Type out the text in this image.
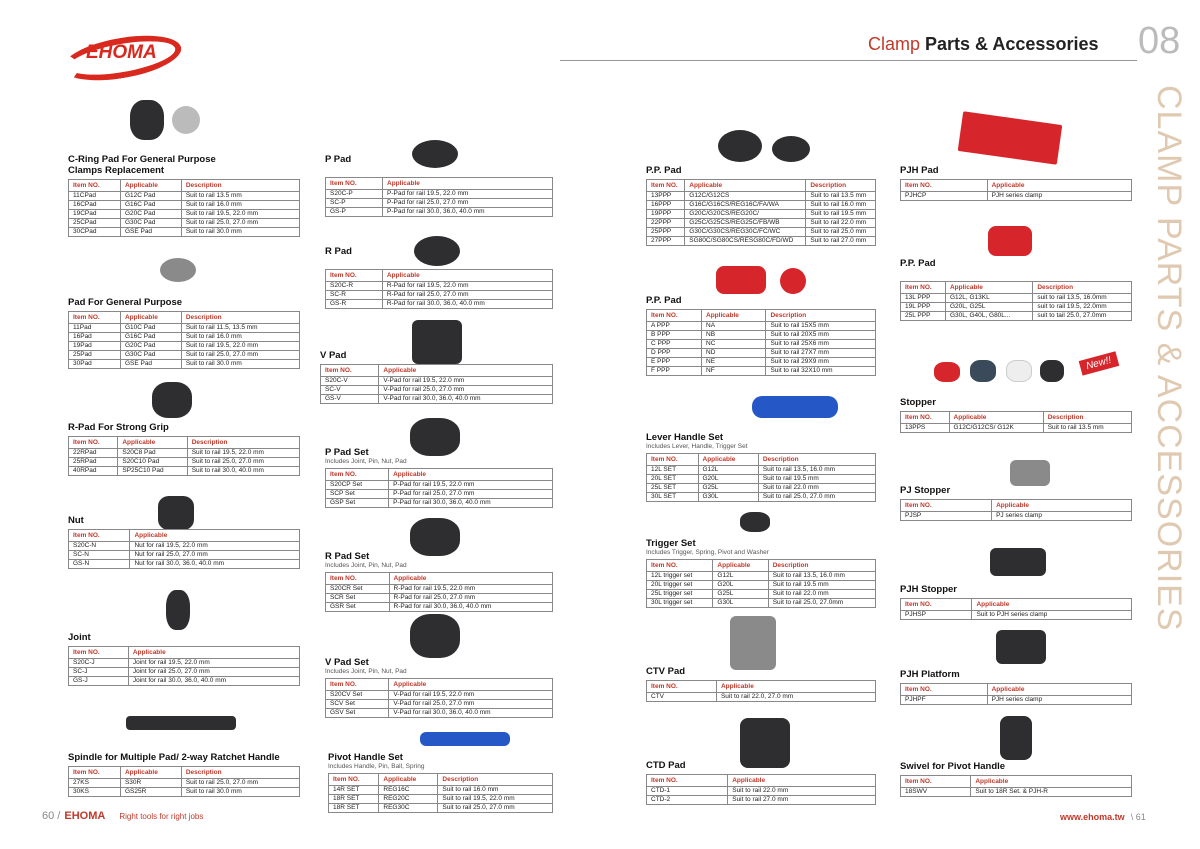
EHOMA	Clamp Parts & Accessories 08
CLAMP PARTS & ACCESSORIES
New!!
C-Ring Pad For General Purpose
Clamps Replacement
Item NO.	Applicable	Description
11CPad	G12C Pad	Suit to rail 13.5 mm
16CPad	G16C Pad	Suit to rail 16.0 mm
19CPad	G20C Pad	Suit to rail 19.5, 22.0 mm
25CPad	G30C Pad	Suit to rail 25.0, 27.0 mm
30CPad	GSE Pad	Suit to rail 30.0 mm
Pad For General Purpose
Item NO.	Applicable	Description
11Pad	G10C Pad	Suit to rail 11.5, 13.5 mm
16Pad	G16C Pad	Suit to rail 16.0 mm
19Pad	G20C Pad	Suit to rail 19.5, 22.0 mm
25Pad	G30C Pad	Suit to rail 25.0, 27.0 mm
30Pad	GSE Pad	Suit to rail 30.0 mm
R-Pad For Strong Grip
Item NO.	Applicable	Description
22RPad	S20C8 Pad	Suit to rail 19.5, 22.0 mm
25RPad	S20C10 Pad	Suit to rail 25.0, 27.0 mm
40RPad	SP25C10 Pad	Suit to rail 30.0, 40.0 mm
Nut
Item NO.	Applicable
S20C-N	Nut for rail 19.5, 22.0 mm
SC-N	Nut for rail 25.0, 27.0 mm
GS-N	Nut for rail 30.0, 36.0, 40.0 mm
Joint
Item NO.	Applicable
S20C-J	Joint for rail 19.5, 22.0 mm
SC-J	Joint for rail 25.0, 27.0 mm
GS-J	Joint for rail 30.0, 36.0, 40.0 mm
Spindle for Multiple Pad/ 2-way Ratchet Handle
Item NO.	Applicable	Description
27KS	S30R	Suit to rail 25.0, 27.0 mm
30KS	GS25R	Suit to rail 30.0 mm
P Pad
Item NO.	Applicable
S20C-P	P-Pad for rail 19.5, 22.0 mm
SC-P	P-Pad for rail 25.0, 27.0 mm
GS-P	P-Pad for rail 30.0, 36.0, 40.0 mm
R Pad
Item NO.	Applicable
S20C-R	R-Pad for rail 19.5, 22.0 mm
SC-R	R-Pad for rail 25.0, 27.0 mm
GS-R	R-Pad for rail 30.0, 36.0, 40.0 mm
V Pad
Item NO.	Applicable
S20C-V	V-Pad for rail 19.5, 22.0 mm
SC-V	V-Pad for rail 25.0, 27.0 mm
GS-V	V-Pad for rail 30.0, 36.0, 40.0 mm
P Pad Set
Includes Joint, Pin, Nut, Pad
Item NO.	Applicable
S20CP Set	P-Pad for rail 19.5, 22.0 mm
SCP Set	P-Pad for rail 25.0, 27.0 mm
GSP Set	P-Pad for rail 30.0, 36.0, 40.0 mm
R Pad Set
Includes Joint, Pin, Nut, Pad
Item NO.	Applicable
S20CR Set	R-Pad for rail 19.5, 22.0 mm
SCR Set	R-Pad for rail 25.0, 27.0 mm
GSR Set	R-Pad for rail 30.0, 36.0, 40.0 mm
V Pad Set
Includes Joint, Pin, Nut, Pad
Item NO.	Applicable
S20CV Set	V-Pad for rail 19.5, 22.0 mm
SCV Set	V-Pad for rail 25.0, 27.0 mm
GSV Set	V-Pad for rail 30.0, 36.0, 40.0 mm
Pivot Handle Set
Includes Handle, Pin, Ball, Spring
Item NO.	Applicable	Description
14R SET	REG16C	Suit to rail 16.0 mm
18R SET	REG20C	Suit to rail 19.5, 22.0 mm
18R SET	REG30C	Suit to rail 25.0, 27.0 mm
P.P. Pad
Item NO.	Applicable	Description
13PPP	G12C/G12CS	Suit to rail 13.5 mm
16PPP	G16C/G16CS/REG16C/FA/WA	Suit to rail 16.0 mm
19PPP	G20C/G20CS/REG20C/	Suit to rail 19.5 mm
22PPP	G25C/G25CS/REG25C/FB/WB	Suit to rail 22.0 mm
25PPP	G30C/G30CS/REG30C/FC/WC	Suit to rail 25.0 mm
27PPP	SG80C/SG80CS/RESG80C/FD/WD	Suit to rail 27.0 mm
P.P. Pad
Item NO.	Applicable	Description
A PPP	NA	Suit to rail 15X5 mm
B PPP	NB	Suit to rail 20X5 mm
C PPP	NC	Suit to rail 25X6 mm
D PPP	ND	Suit to rail 27X7 mm
E PPP	NE	Suit to rail 29X9 mm
F PPP	NF	Suit to rail 32X10 mm
Lever Handle Set
Includes Lever, Handle, Trigger Set
Item NO.	Applicable	Description
12L SET	G12L	Suit to rail 13.5, 16.0 mm
20L SET	G20L	Suit to rail 19.5 mm
25L SET	G25L	Suit to rail 22.0 mm
30L SET	G30L	Suit to rail 25.0, 27.0 mm
Trigger Set
Includes Trigger, Spring, Pivot and Washer
Item NO.	Applicable	Description
12L trigger set	G12L	Suit to rail 13.5, 16.0 mm
20L trigger set	G20L	Suit to rail 19.5 mm
25L trigger set	G25L	Suit to rail 22.0 mm
30L trigger set	G30L	Suit to rail 25.0, 27.0mm
CTV Pad
Item NO.	Applicable
CTV	Suit to rail 22.0, 27.0 mm
CTD Pad
Item NO.	Applicable
CTD-1	Suit to rail 22.0 mm
CTD-2	Suit to rail 27.0 mm
PJH Pad
Item NO.	Applicable
PJHCP	PJH series clamp
P.P. Pad
Item NO.	Applicable	Description
13L PPP	G12L, G13KL	suit to rail 13.5, 16.0mm
19L PPP	G20L, G25L	suit to rail 19.5, 22.0mm
25L PPP	G30L, G40L, G80L...	suit to tail 25.0, 27.0mm
Stopper
Item NO.	Applicable	Description
13PPS	G12C/G12CS/ G12K	Suit to rail 13.5 mm
PJ Stopper
Item NO.	Applicable
PJSP	PJ series clamp
PJH Stopper
Item NO.	Applicable
PJHSP	Suit to PJH series clamp
PJH Platform
Item NO.	Applicable
PJHPF	PJH series clamp
Swivel for Pivot Handle
Item NO.	Applicable
18SWV	Suit to 18R Set. & PJH-R
60 / EHOMA Right tools for right jobs	www.ehoma.tw \ 61
